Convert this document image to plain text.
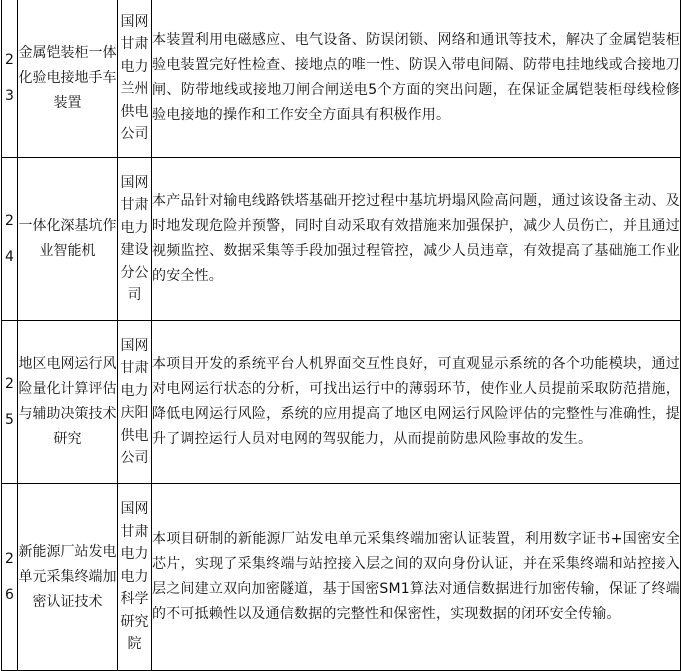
23	金属铠装柜一体化验电接地手车装置	国网甘肃电力兰州供电公司	本装置利用电磁感应、电气设备、防误闭锁、网络和通讯等技术，解决了金属铠装柜验电装置完好性检查、接地点的唯一性、防误入带电间隔、防带电挂地线或合接地刀闸、防带地线或接地刀闸合闸送电5个方面的突出问题，在保证金属铠装柜母线检修验电接地的操作和工作安全方面具有积极作用。
24	一体化深基坑作业智能机	国网甘肃电力建设分公司	本产品针对输电线路铁塔基础开挖过程中基坑坍塌风险高问题，通过该设备主动、及时地发现危险并预警，同时自动采取有效措施来加强保护，减少人员伤亡，并且通过视频监控、数据采集等手段加强过程管控，减少人员违章，有效提高了基础施工作业的安全性。
25	地区电网运行风险量化计算评估与辅助决策技术研究	国网甘肃电力庆阳供电公司	本项目开发的系统平台人机界面交互性良好，可直观显示系统的各个功能模块，通过对电网运行状态的分析，可找出运行中的薄弱环节，使作业人员提前采取防范措施，降低电网运行风险，系统的应用提高了地区电网运行风险评估的完整性与准确性，提升了调控运行人员对电网的驾驭能力，从而提前防患风险事故的发生。
26	新能源厂站发电单元采集终端加密认证技术	国网甘肃电力电力科学研究院	本项目研制的新能源厂站发电单元采集终端加密认证装置，利用数字证书+国密安全芯片，实现了采集终端与站控接入层之间的双向身份认证，并在采集终端和站控接入层之间建立双向加密隧道，基于国密SM1算法对通信数据进行加密传输，保证了终端的不可抵赖性以及通信数据的完整性和保密性，实现数据的闭环安全传输。
